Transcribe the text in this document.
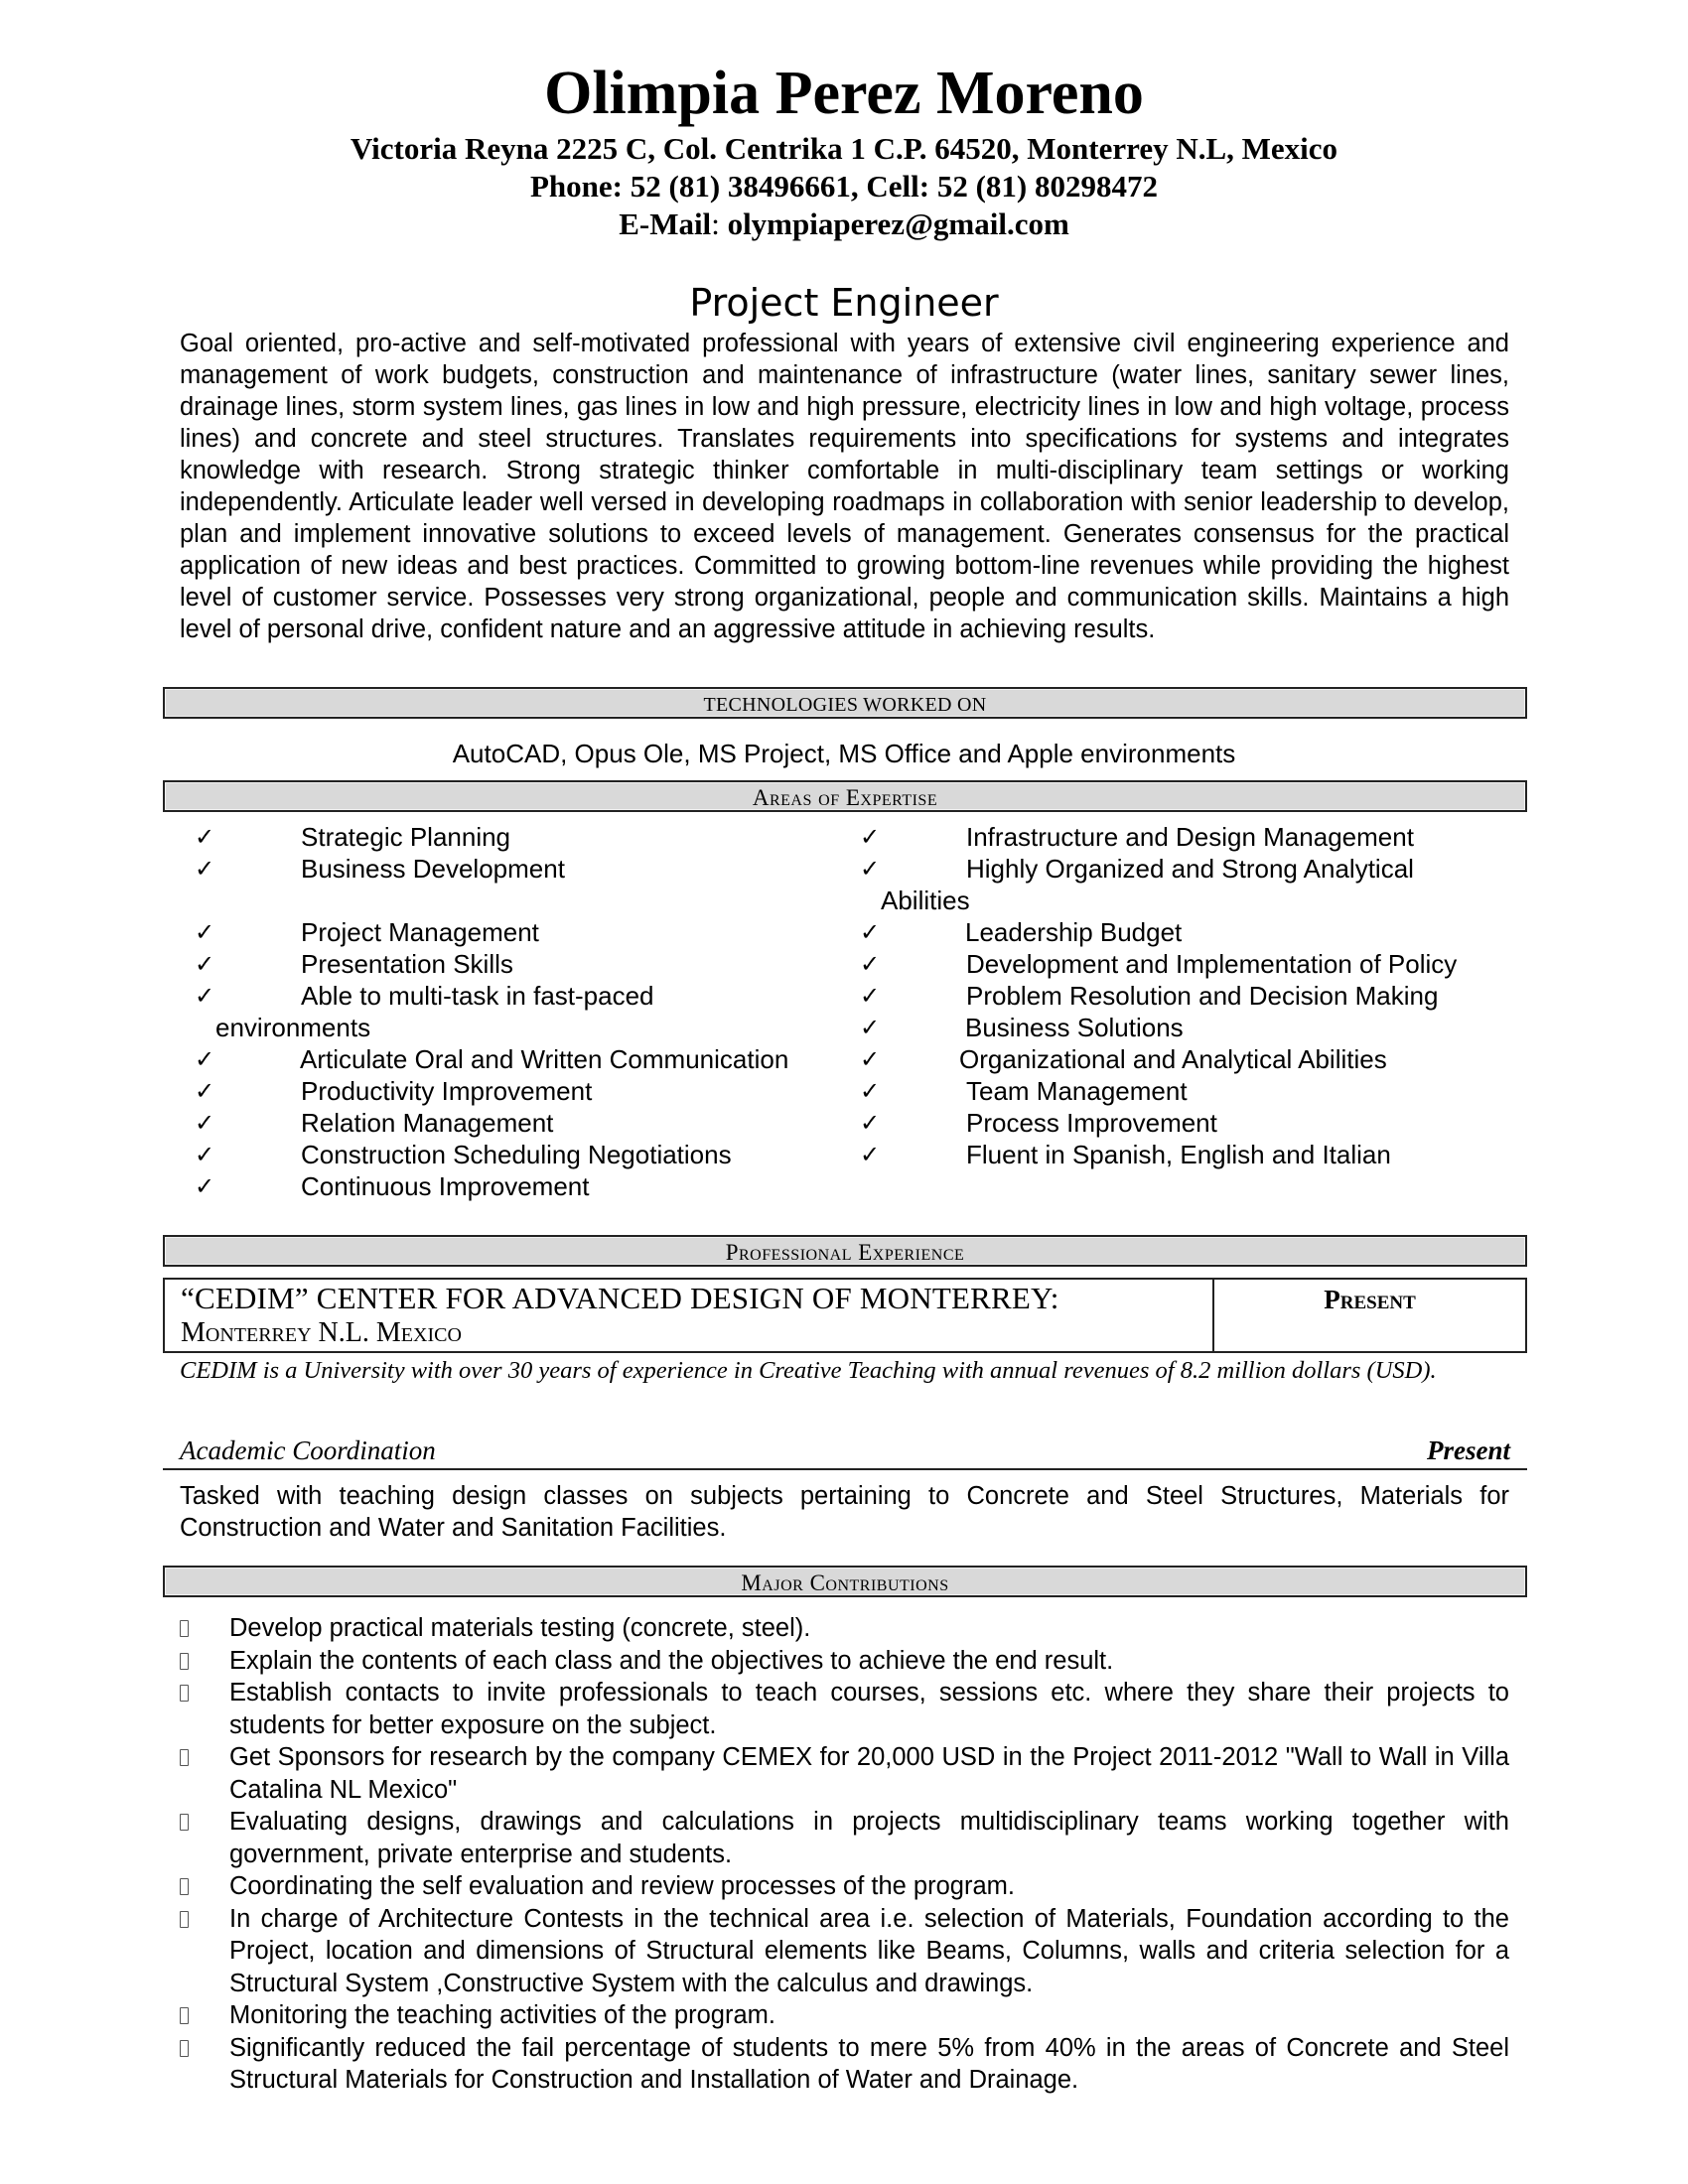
Olimpia Perez Moreno
Victoria Reyna 2225 C, Col. Centrika 1 C.P. 64520, Monterrey N.L, Mexico
Phone: 52 (81) 38496661, Cell: 52 (81) 80298472
E-Mail: olympiaperez@gmail.com
Project Engineer
Goal oriented, pro-active and self-motivated professional with years of extensive civil engineering experience and management of work budgets, construction and maintenance of infrastructure (water lines, sanitary sewer lines, drainage lines, storm system lines, gas lines in low and high pressure, electricity lines in low and high voltage, process lines) and concrete and steel structures. Translates requirements into specifications for systems and integrates knowledge with research. Strong strategic thinker comfortable in multi-disciplinary team settings or working independently. Articulate leader well versed in developing roadmaps in collaboration with senior leadership to develop, plan and implement innovative solutions to exceed levels of management. Generates consensus for the practical application of new ideas and best practices. Committed to growing bottom-line revenues while providing the highest level of customer service. Possesses very strong organizational, people and communication skills. Maintains a high level of personal drive, confident nature and an aggressive attitude in achieving results.
TECHNOLOGIES WORKED ON
AutoCAD, Opus Ole, MS Project, MS Office and Apple environments
Areas of Expertise
✓	Strategic Planning
✓	Business Development
✓	Project Management
✓	Presentation Skills
✓	Able to multi-task in fast-paced
environments
✓	Articulate Oral and Written Communication
✓	Productivity Improvement
✓	Relation Management
✓	Construction Scheduling Negotiations
✓	Continuous Improvement
✓	Infrastructure and Design Management
✓	Highly Organized and Strong Analytical
Abilities
✓	Leadership Budget
✓	Development and Implementation of Policy
✓	Problem Resolution and Decision Making
✓	Business Solutions
✓	Organizational and Analytical Abilities
✓	Team Management
✓	Process Improvement
✓	Fluent in Spanish, English and Italian
Professional Experience
“CEDIM” CENTER FOR ADVANCED DESIGN OF MONTERREY:
Monterrey N.L. Mexico
Present
CEDIM is a University with over 30 years of experience in Creative Teaching with annual revenues of 8.2 million dollars (USD).
Academic Coordination	Present
Tasked with teaching design classes on subjects pertaining to Concrete and Steel Structures, Materials for Construction and Water and Sanitation Facilities.
Major Contributions
Develop practical materials testing (concrete, steel).
Explain the contents of each class and the objectives to achieve the end result.
Establish contacts to invite professionals to teach courses, sessions etc. where they share their projects to students for better exposure on the subject.
Get Sponsors for research by the company CEMEX for 20,000 USD in the Project 2011-2012 "Wall to Wall in Villa Catalina NL Mexico"
Evaluating designs, drawings and calculations in projects multidisciplinary teams working together with government, private enterprise and students.
Coordinating the self evaluation and review processes of the program.
In charge of Architecture Contests in the technical area i.e. selection of Materials, Foundation according to the Project, location and dimensions of Structural elements like Beams, Columns, walls and criteria selection for a Structural System ,Constructive System with the calculus and drawings.
Monitoring the teaching activities of the program.
Significantly reduced the fail percentage of students to mere 5% from 40% in the areas of Concrete and Steel Structural Materials for Construction and Installation of Water and Drainage.
